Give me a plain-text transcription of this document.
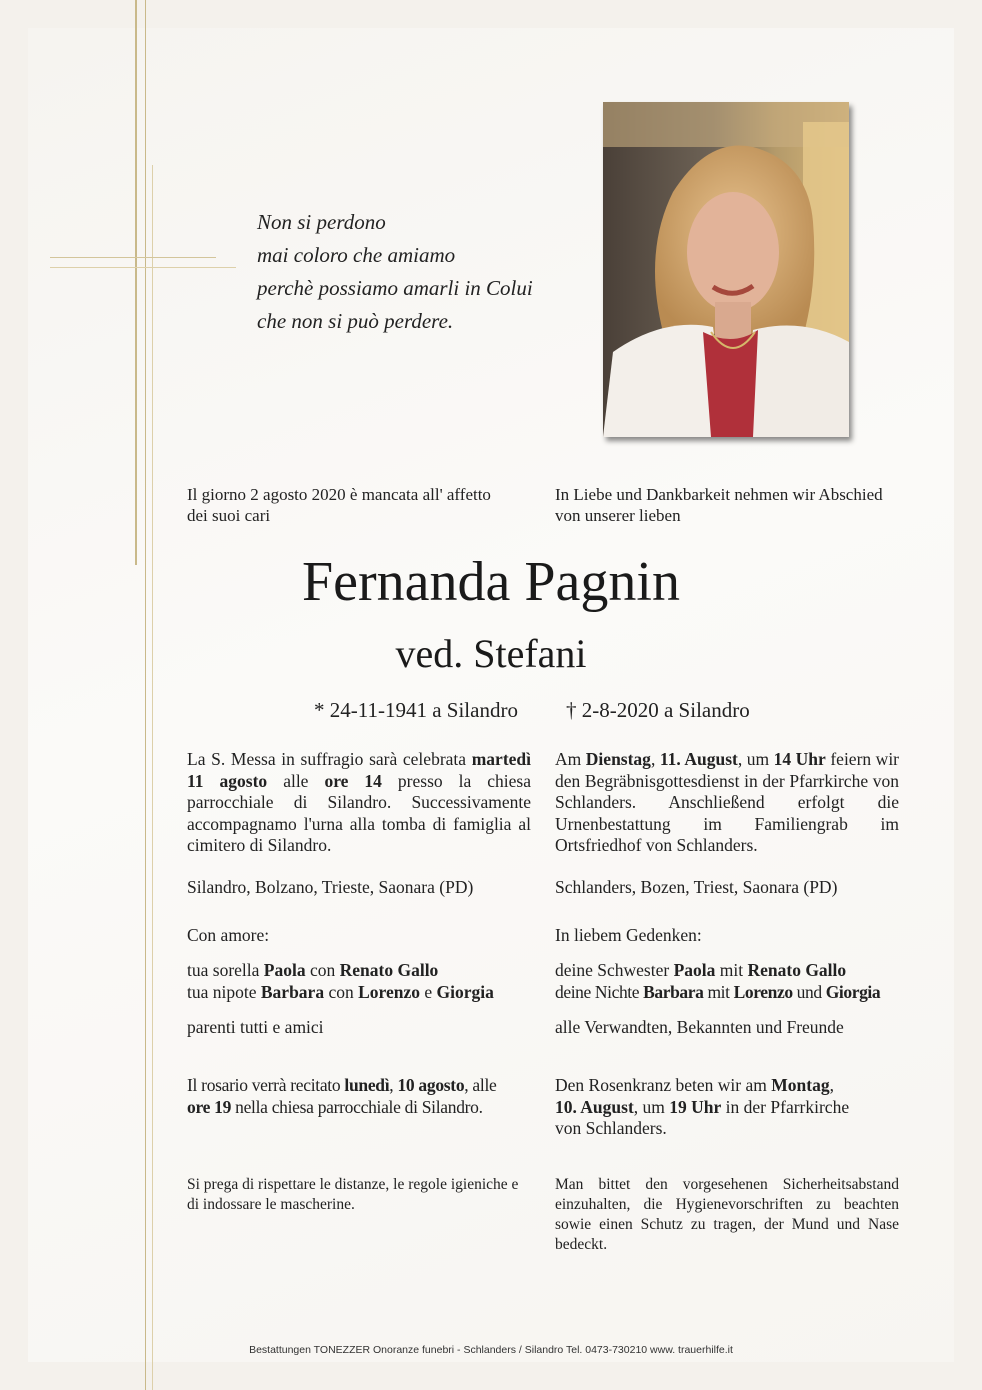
Non si perdono
mai coloro che amiamo
perchè possiamo amarli in Colui
che non si può perdere.
Il giorno 2 agosto 2020 è mancata all' affetto
dei suoi cari
In Liebe und Dankbarkeit nehmen wir Abschied
von unserer lieben
Fernanda Pagnin
ved. Stefani
* 24-11-1941 a Silandro † 2-8-2020 a Silandro
La S. Messa in suffragio sarà celebrata martedì 11 agosto alle ore 14 presso la chiesa parrocchiale di Silandro. Successivamente accompagnamo l'urna alla tomba di famiglia al cimitero di Silandro.
Am Dienstag, 11. August, um 14 Uhr feiern wir den Begräbnisgottesdienst in der Pfarrkirche von Schlanders. Anschließend erfolgt die Urnenbestattung im Familiengrab im Ortsfriedhof von Schlanders.
Silandro, Bolzano, Trieste, Saonara (PD)	Schlanders, Bozen, Triest, Saonara (PD)
Con amore:	In liebem Gedenken:
tua sorella Paola con Renato Gallo
tua nipote Barbara con Lorenzo e Giorgia
parenti tutti e amici
deine Schwester Paola mit Renato Gallo
deine Nichte Barbara mit Lorenzo und Giorgia
alle Verwandten, Bekannten und Freunde
Il rosario verrà recitato lunedì, 10 agosto, alle
ore 19 nella chiesa parrocchiale di Silandro.
Den Rosenkranz beten wir am Montag,
10. August, um 19 Uhr in der Pfarrkirche
von Schlanders.
Si prega di rispettare le distanze, le regole igieniche e di indossare le mascherine.
Man bittet den vorgesehenen Sicherheitsabstand einzuhalten, die Hygienevorschriften zu beachten sowie einen Schutz zu tragen, der Mund und Nase bedeckt.
Bestattungen TONEZZER Onoranze funebri - Schlanders / Silandro Tel. 0473-730210 www. trauerhilfe.it
